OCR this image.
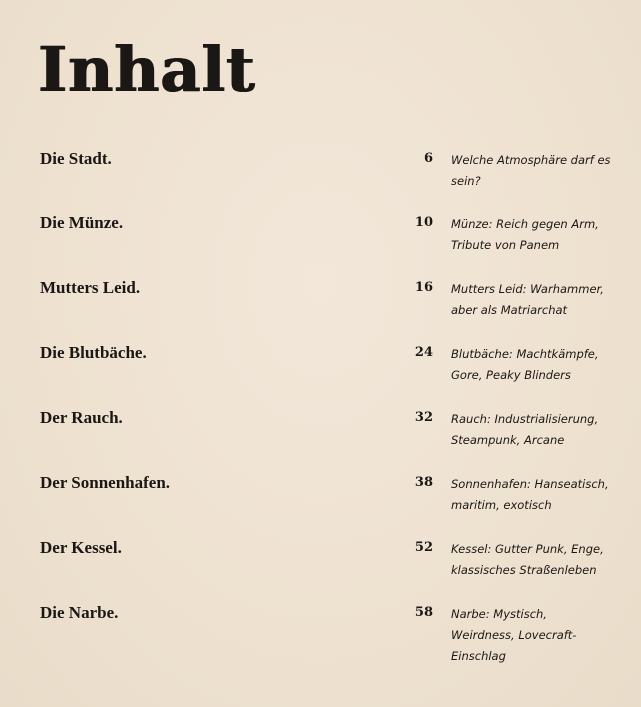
Inhalt
Die Stadt.	6 Welche Atmosphäre darf es sein?
Die Münze.	10 Münze: Reich gegen Arm, Tribute von Panem
Mutters Leid.	16 Mutters Leid: Warhammer, aber als Matriarchat
Die Blutbäche.	24 Blutbäche: Machtkämpfe, Gore, Peaky Blinders
Der Rauch.	32 Rauch: Industrialisierung, Steampunk, Arcane
Der Sonnenhafen.	38 Sonnenhafen: Hanseatisch, maritim, exotisch
Der Kessel.	52 Kessel: Gutter Punk, Enge, klassisches Straßenleben
Die Narbe.	58 Narbe: Mystisch, Weirdness, Lovecraft-Einschlag
